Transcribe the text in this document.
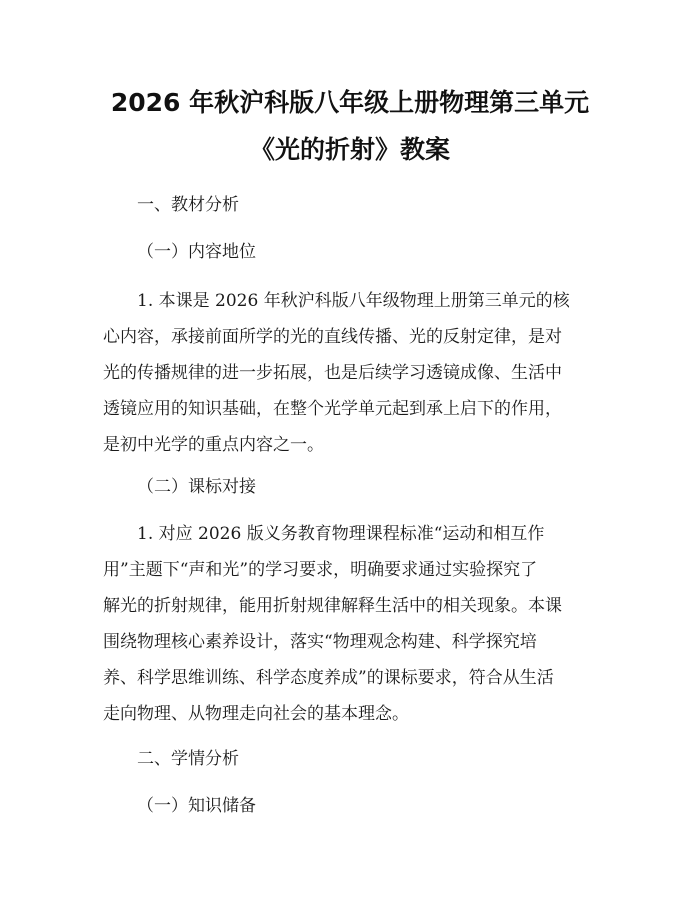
2026 年秋沪科版八年级上册物理第三单元
《光的折射》教案
一、教材分析
（一）内容地位
1. 本课是 2026 年秋沪科版八年级物理上册第三单元的核
心内容，承接前面所学的光的直线传播、光的反射定律，是对
光的传播规律的进一步拓展，也是后续学习透镜成像、生活中
透镜应用的知识基础，在整个光学单元起到承上启下的作用，
是初中光学的重点内容之一。
（二）课标对接
1. 对应 2026 版义务教育物理课程标准“运动和相互作
用”主题下“声和光”的学习要求，明确要求通过实验探究了
解光的折射规律，能用折射规律解释生活中的相关现象。本课
围绕物理核心素养设计，落实“物理观念构建、科学探究培
养、科学思维训练、科学态度养成”的课标要求，符合从生活
走向物理、从物理走向社会的基本理念。
二、学情分析
（一）知识储备
